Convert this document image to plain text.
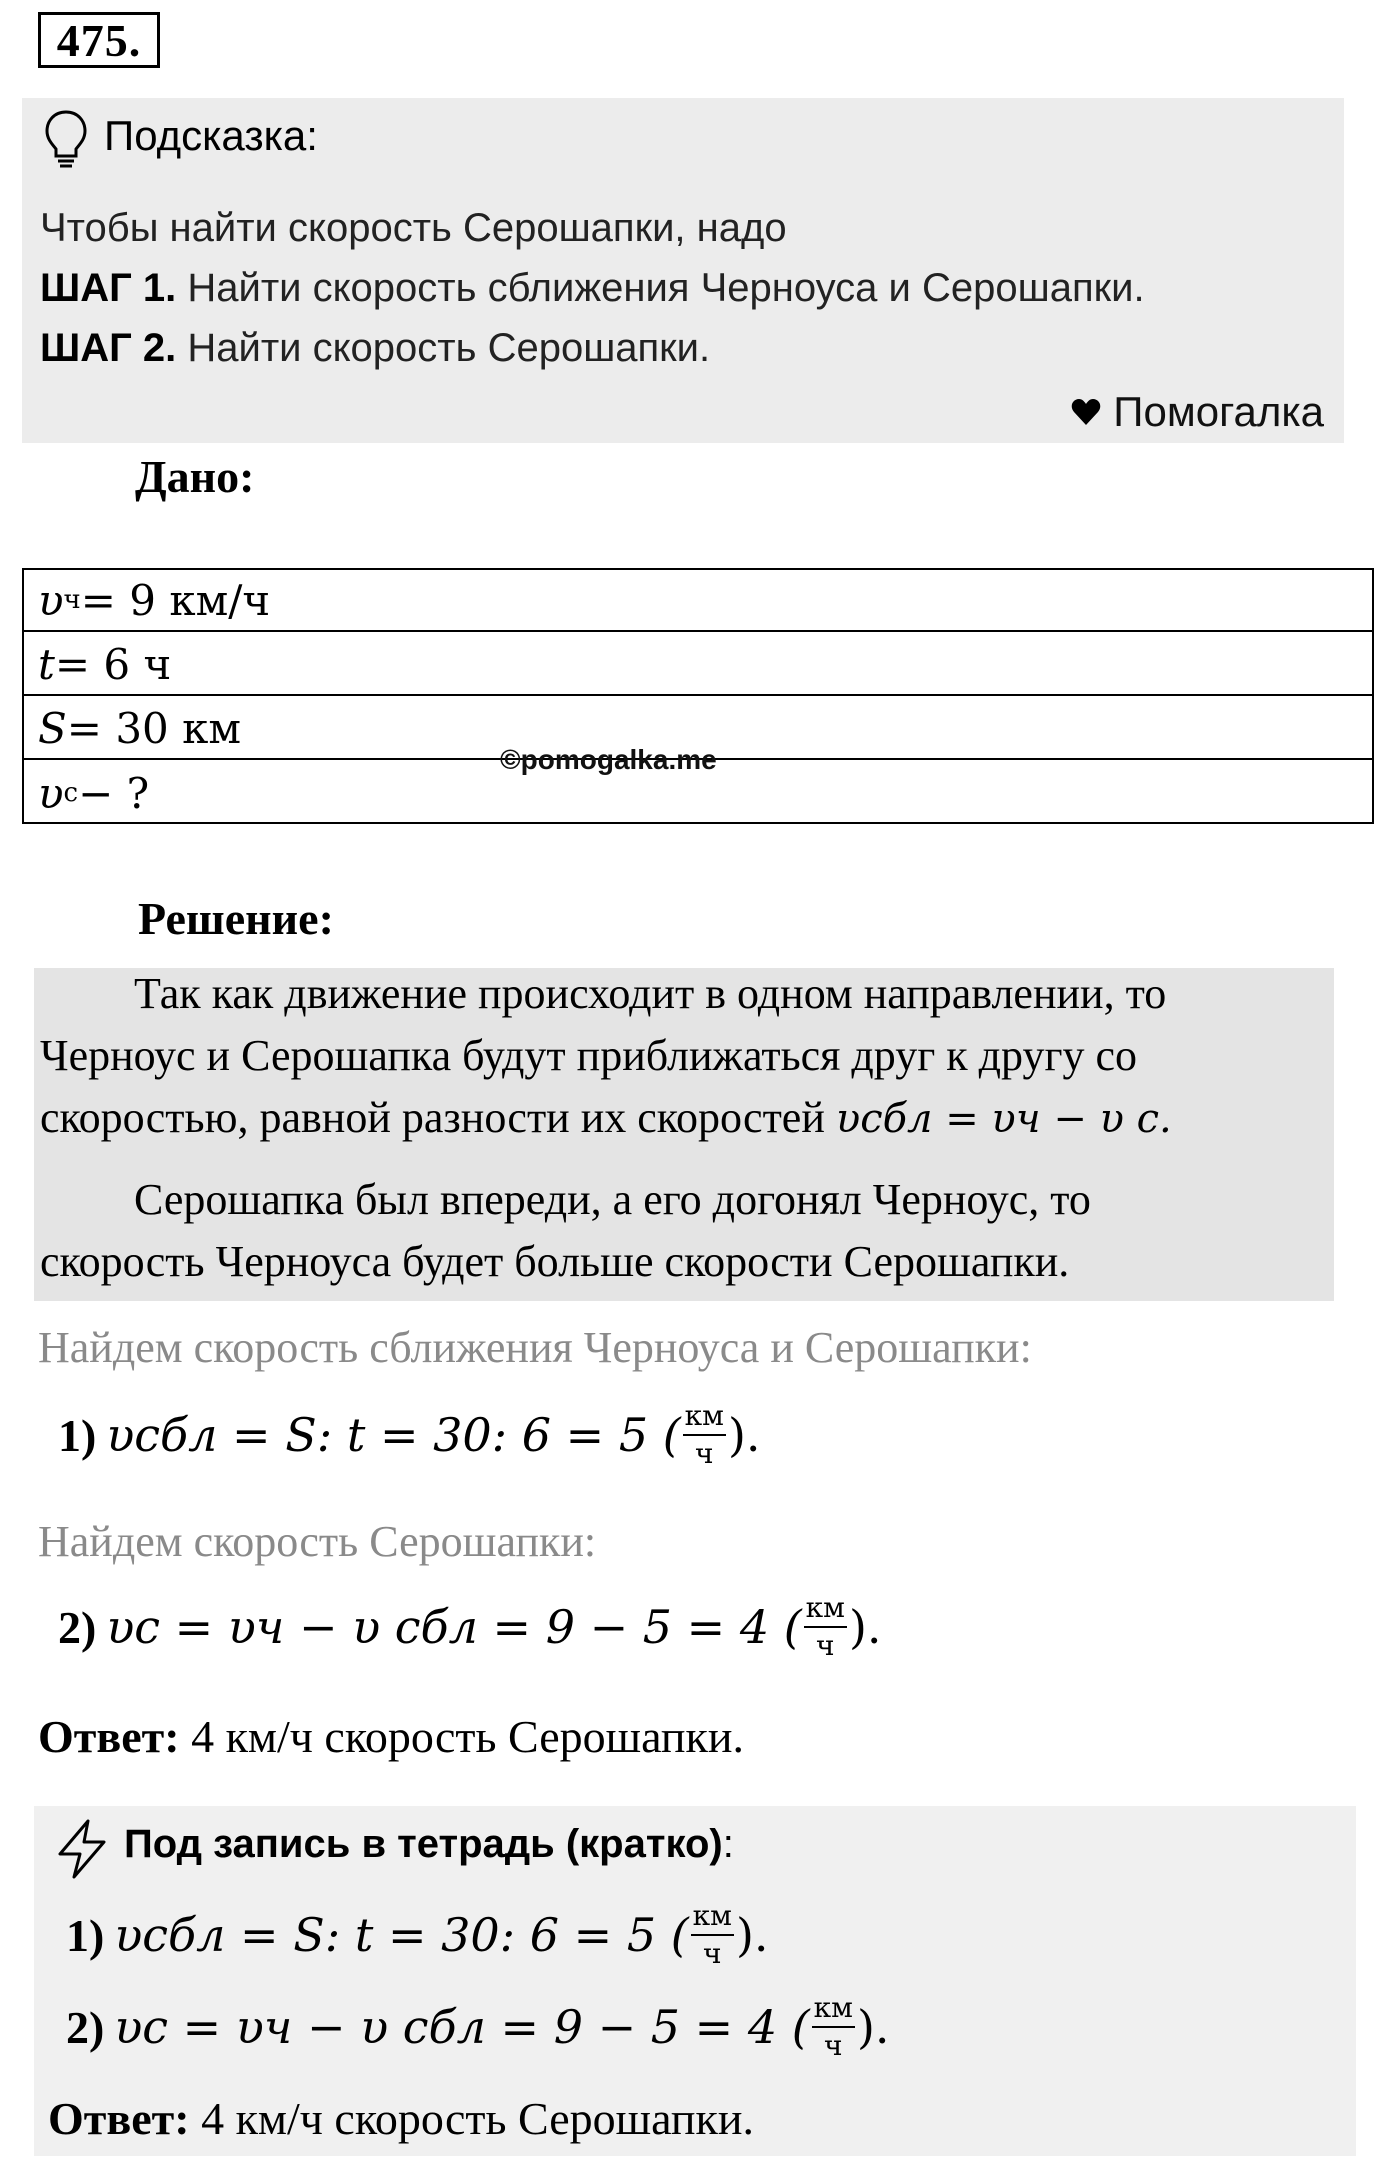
475.
Подсказка:
Чтобы найти скорость Серошапки, надо
ШАГ 1. Найти скорость сближения Черноуса и Серошапки.
ШАГ 2. Найти скорость Серошапки.
Помогалка
Дано:
υ ч = 9 км/ч
t = 6 ч
S = 30 км
υ с − ?
©pomogalka.me
Решение:
Так как движение происходит в одном направлении, то
Черноус и Серошапка будут приближаться друг к другу со
скоростью, равной разности их скоростей υсбл = υч − υ с.
Серошапка был впереди, а его догонял Черноус, то
скорость Черноуса будет больше скорости Серошапки.
Найдем скорость сближения Черноуса и Серошапки:
1) υсбл = S: t = 30: 6 = 5 ( $\frac{км}{ч}$ ).
Найдем скорость Серошапки:
2) υс = υч − υ сбл = 9 − 5 = 4 ( $\frac{км}{ч}$ ).
Ответ: 4 км/ч скорость Серошапки.
Под запись в тетрадь (кратко):
1) υсбл = S: t = 30: 6 = 5 ( $\frac{км}{ч}$ ).
2) υс = υч − υ сбл = 9 − 5 = 4 ( $\frac{км}{ч}$ ).
Ответ: 4 км/ч скорость Серошапки.
